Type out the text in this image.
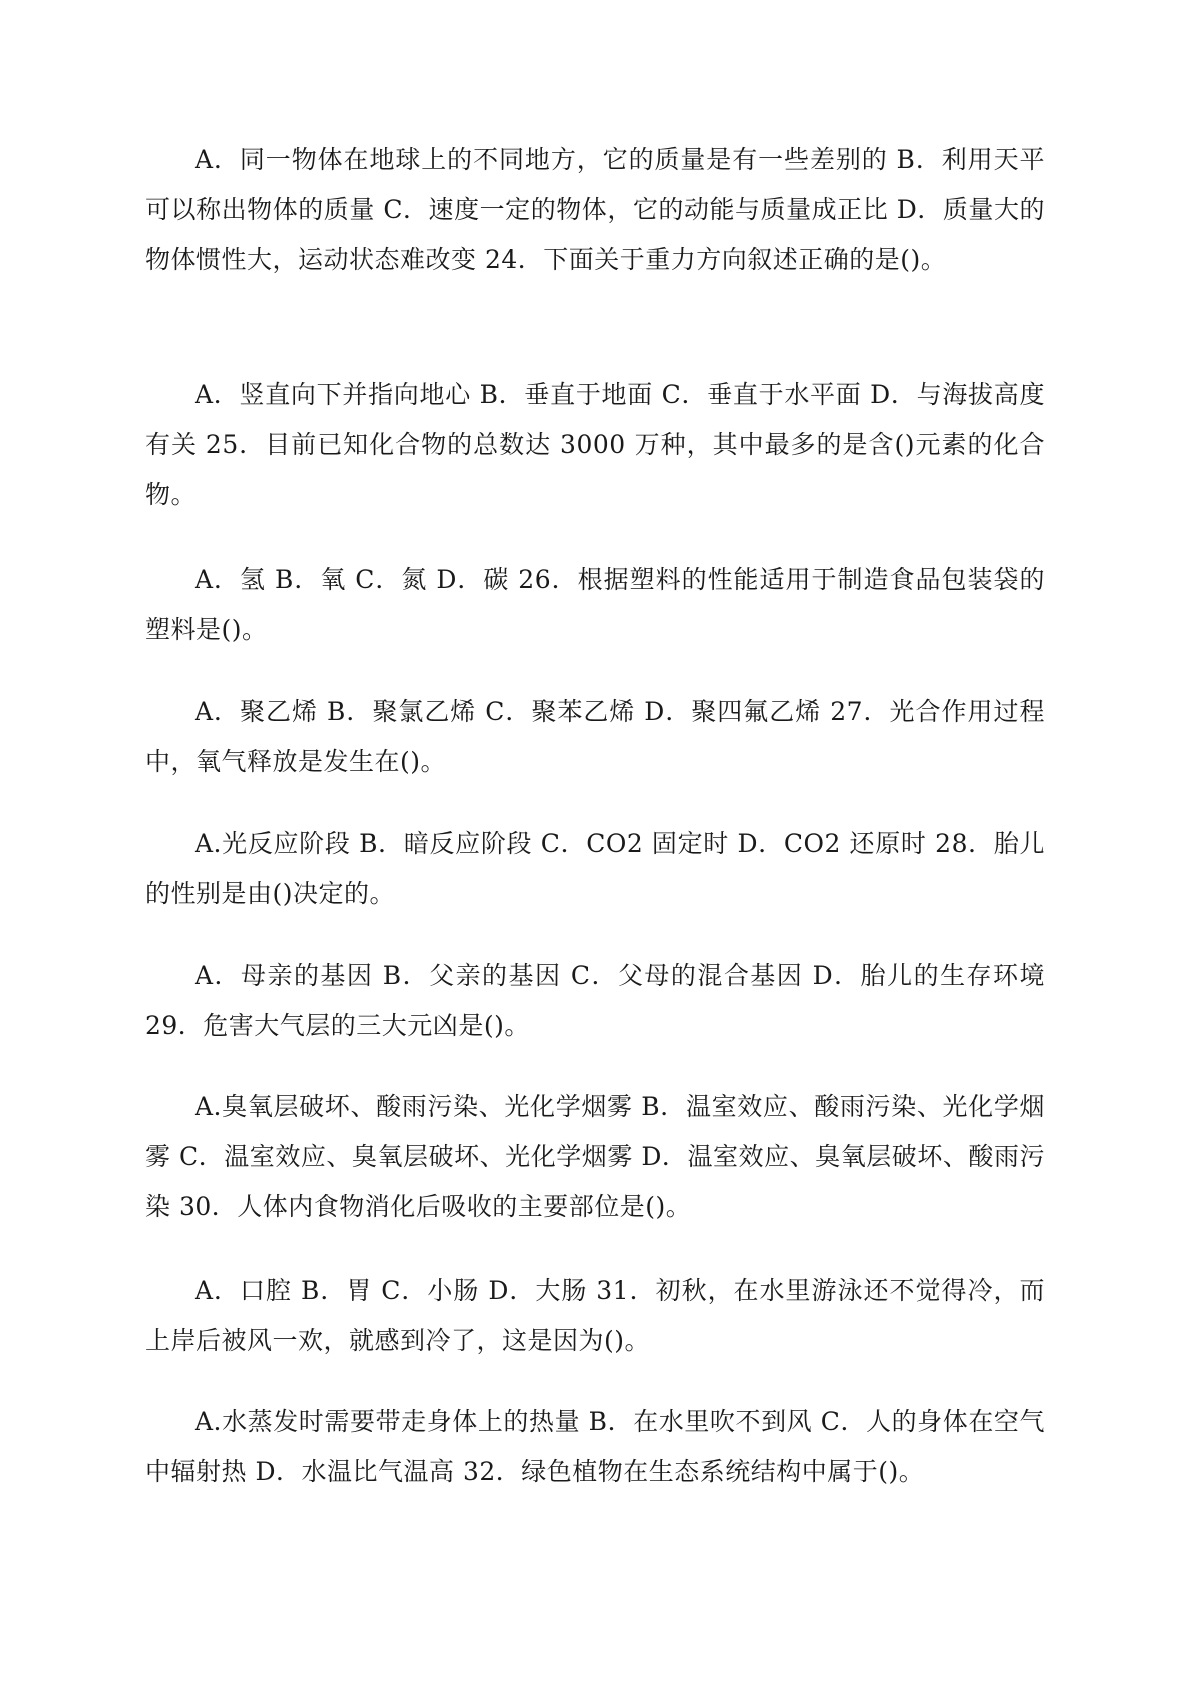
A．同一物体在地球上的不同地方，它的质量是有一些差别的 B．利用天平可以称出物体的质量 C．速度一定的物体，它的动能与质量成正比 D．质量大的物体惯性大，运动状态难改变 24．下面关于重力方向叙述正确的是()。

A．竖直向下并指向地心 B．垂直于地面 C．垂直于水平面 D．与海拔高度有关 25．目前已知化合物的总数达 3000 万种，其中最多的是含()元素的化合物。

A．氢 B．氧 C．氮 D．碳 26．根据塑料的性能适用于制造食品包装袋的塑料是()。

A．聚乙烯 B．聚氯乙烯 C．聚苯乙烯 D．聚四氟乙烯 27．光合作用过程中，氧气释放是发生在()。

A.光反应阶段 B．暗反应阶段 C．CO2 固定时 D．CO2 还原时 28．胎儿的性别是由()决定的。

A．母亲的基因 B．父亲的基因 C．父母的混合基因 D．胎儿的生存环境 29．危害大气层的三大元凶是()。

A.臭氧层破坏、酸雨污染、光化学烟雾 B．温室效应、酸雨污染、光化学烟雾 C．温室效应、臭氧层破坏、光化学烟雾 D．温室效应、臭氧层破坏、酸雨污染 30．人体内食物消化后吸收的主要部位是()。

A．口腔 B．胃 C．小肠 D．大肠 31．初秋，在水里游泳还不觉得冷，而上岸后被风一欢，就感到冷了，这是因为()。

A.水蒸发时需要带走身体上的热量 B．在水里吹不到风 C．人的身体在空气中辐射热 D．水温比气温高 32．绿色植物在生态系统结构中属于()。
